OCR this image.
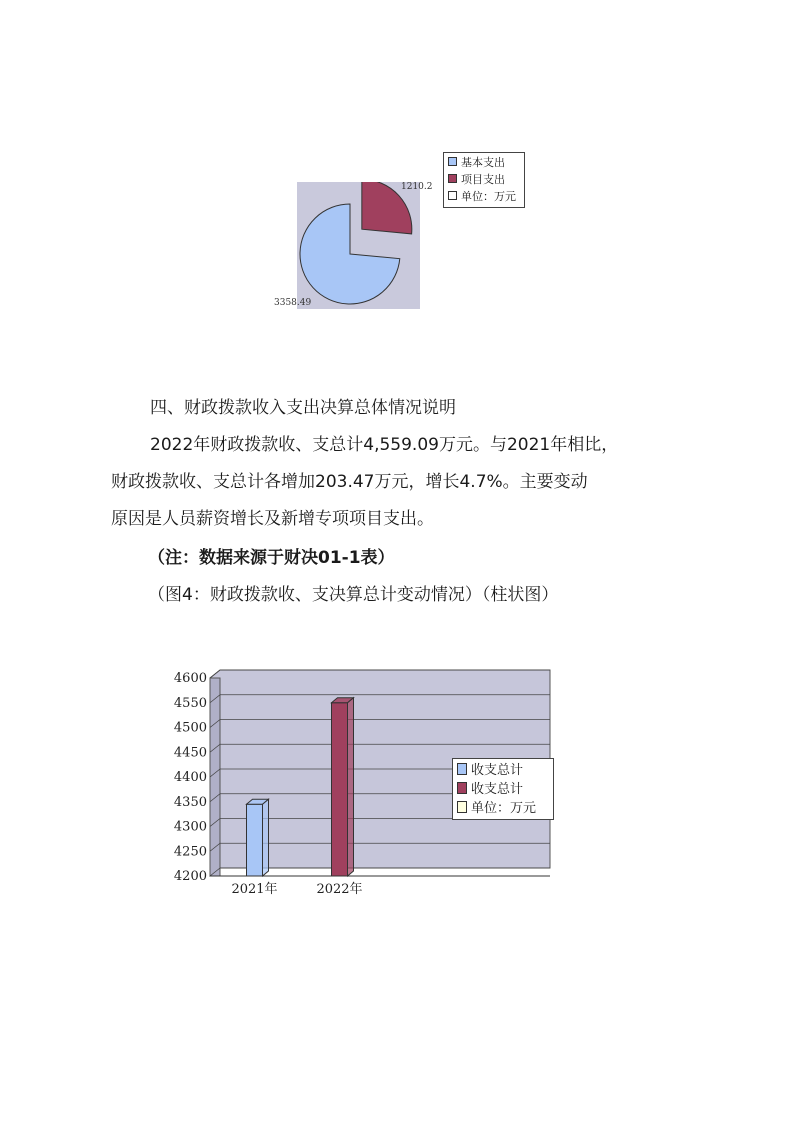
3358.49
1210.2
基本支出
项目支出
单位：万元
四、财政拨款收入支出决算总体情况说明
2022年财政拨款收、支总计4,559.09万元。与2021年相比，
财政拨款收、支总计各增加203.47万元，增长4.7%。主要变动
原因是人员薪资增长及新增专项项目支出。
（注：数据来源于财决01-1表）
（图4：财政拨款收、支决算总计变动情况）（柱状图）
4200
4250
4300
4350
4400
4450
4500
4550
4600
2021年	2022年
收支总计
收支总计
单位：万元
